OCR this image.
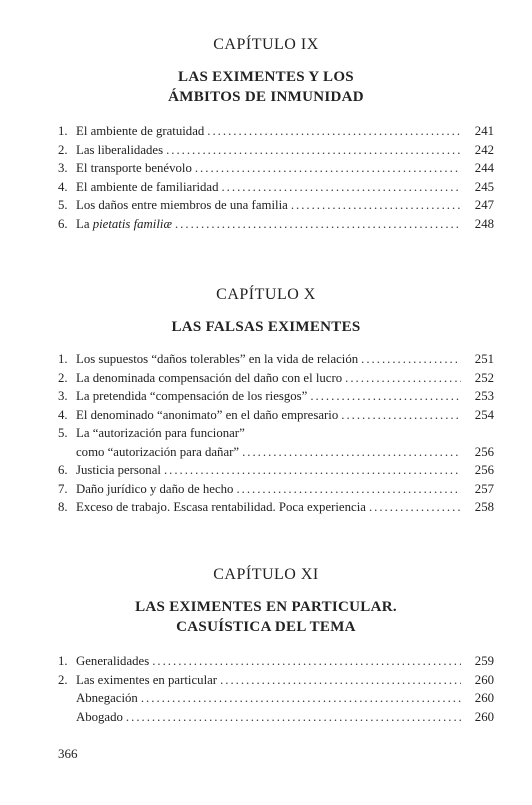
CAPÍTULO IX
LAS EXIMENTES Y LOS
ÁMBITOS DE INMUNIDAD
1. El ambiente de gratuidad .....	241
2. Las liberalidades .....	242
3. El transporte benévolo .....	244
4. El ambiente de familiaridad .....	245
5. Los daños entre miembros de una familia .....	247
6. La pietatis familiæ .....	248
CAPÍTULO X
LAS FALSAS EXIMENTES
1. Los supuestos “daños tolerables” en la vida de relación .....	251
2. La denominada compensación del daño con el lucro .....	252
3. La pretendida “compensación de los riesgos” .....	253
4. El denominado “anonimato” en el daño empresario .....	254
5. La “autorización para funcionar”
como “autorización para dañar” .....	256
6. Justicia personal .....	256
7. Daño jurídico y daño de hecho .....	257
8. Exceso de trabajo. Escasa rentabilidad. Poca experiencia .....	258
CAPÍTULO XI
LAS EXIMENTES EN PARTICULAR.
CASUÍSTICA DEL TEMA
1. Generalidades .....	259
2. Las eximentes en particular .....	260
Abnegación .....	260
Abogado .....	260
366
